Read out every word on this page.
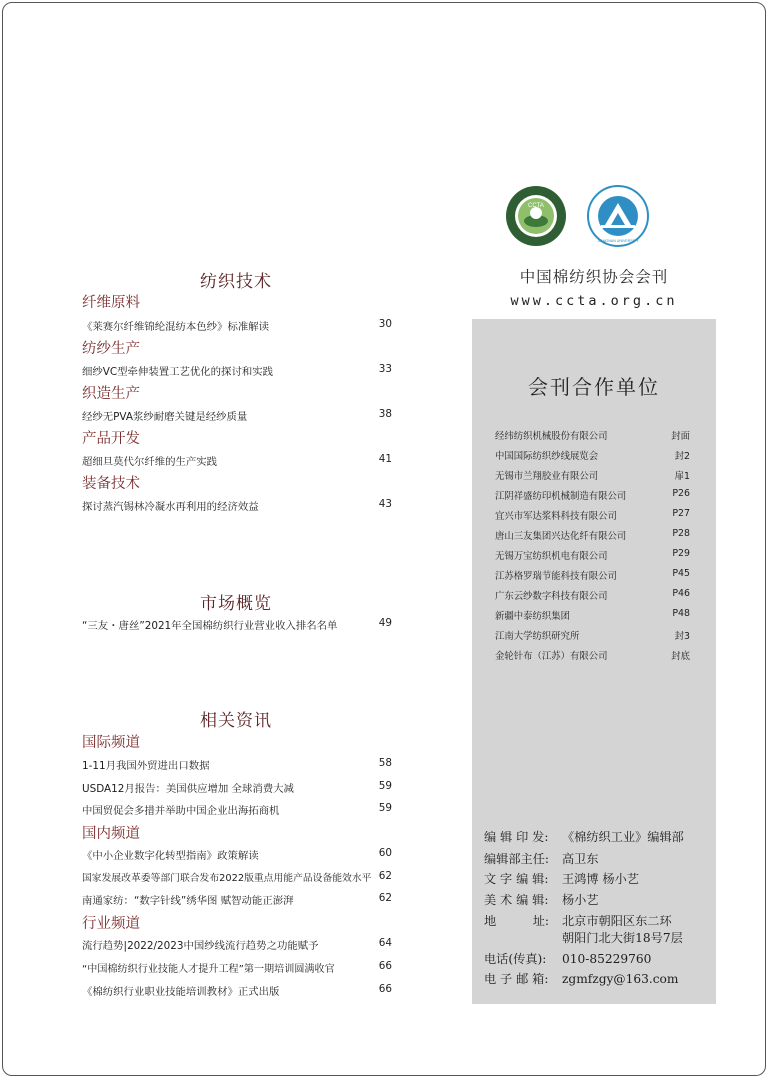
纺织技术
纤维原料
《莱赛尔纤维锦纶混纺本色纱》标准解读	30
纺纱生产
细纱VC型牵伸装置工艺优化的探讨和实践	33
织造生产
经纱无PVA浆纱耐磨关键是经纱质量	38
产品开发
超细旦莫代尔纤维的生产实践	41
装备技术
探讨蒸汽锡林冷凝水再利用的经济效益	43
市场概览
“三友・唐丝”2021年全国棉纺织行业营业收入排名名单	49
相关资讯
国际频道
1-11月我国外贸进出口数据	58
USDA12月报告：美国供应增加 全球消费大减	59
中国贸促会多措并举助中国企业出海拓商机	59
国内频道
《中小企业数字化转型指南》政策解读	60
国家发展改革委等部门联合发布2022版重点用能产品设备能效水平 62
南通家纺：“数字针线”绣华图 赋智动能正澎湃	62
行业频道
流行趋势|2022/2023中国纱线流行趋势之功能赋予	64
“中国棉纺织行业技能人才提升工程”第一期培训圆满收官	66
《棉纺织行业职业技能培训教材》正式出版	66
CCTA
JIANGNAN UNIVERSITY
中国棉纺织协会会刊
www.ccta.org.cn
会刊合作单位
经纬纺织机械股份有限公司	封面
中国国际纺织纱线展览会	封2
无锡市兰翔胶业有限公司	扉1
江阴祥盛纺印机械制造有限公司	P26
宜兴市军达浆料科技有限公司	P27
唐山三友集团兴达化纤有限公司	P28
无锡万宝纺织机电有限公司	P29
江苏格罗瑞节能科技有限公司	P45
广东云纱数字科技有限公司	P46
新疆中泰纺织集团	P48
江南大学纺织研究所	封3
金轮针布（江苏）有限公司	封底
编 辑 印 发: 《棉纺织工业》编辑部
编辑部主任: 高卫东
文 字 编 辑: 王鸿博 杨小艺
美 术 编 辑: 杨小艺
地　　　址: 北京市朝阳区东二环
朝阳门北大街18号7层
电话(传真): 010-85229760
电 子 邮 箱: zgmfzgy@163.com
